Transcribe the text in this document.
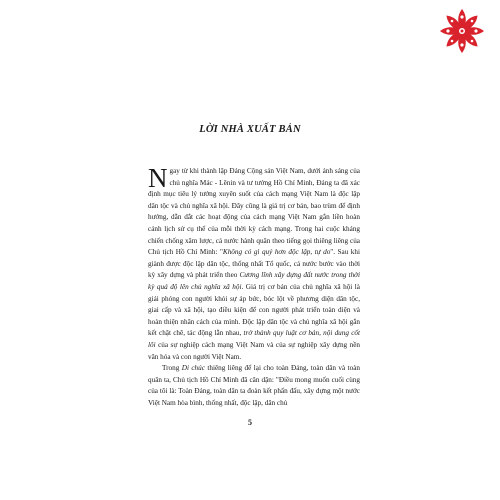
LỜI NHÀ XUẤT BẢN

Ngay từ khi thành lập Đảng Cộng sản Việt Nam, dưới ánh sáng của chủ nghĩa Mác - Lênin và tư tưởng Hồ Chí Minh, Đảng ta đã xác định mục tiêu lý tưởng xuyên suốt của cách mạng Việt Nam là độc lập dân tộc và chủ nghĩa xã hội. Đây cũng là giá trị cơ bản, bao trùm để định hướng, dẫn dắt các hoạt động của cách mạng Việt Nam gắn liền hoàn cảnh lịch sử cụ thể của mỗi thời kỳ cách mạng. Trong hai cuộc kháng chiến chống xâm lược, cả nước hành quân theo tiếng gọi thiêng liêng của Chủ tịch Hồ Chí Minh: "Không có gì quý hơn độc lập, tự do". Sau khi giành được độc lập dân tộc, thống nhất Tổ quốc, cả nước bước vào thời kỳ xây dựng và phát triển theo Cương lĩnh xây dựng đất nước trong thời kỳ quá độ lên chủ nghĩa xã hội. Giá trị cơ bản của chủ nghĩa xã hội là giải phóng con người khỏi sự áp bức, bóc lột về phương diện dân tộc, giai cấp và xã hội, tạo điều kiện để con người phát triển toàn diện và hoàn thiện nhân cách của mình. Độc lập dân tộc và chủ nghĩa xã hội gắn kết chặt chẽ, tác động lẫn nhau, trở thành quy luật cơ bản, nội dung cốt lõi của sự nghiệp cách mạng Việt Nam và của sự nghiệp xây dựng nền văn hóa và con người Việt Nam.

Trong Di chúc thiêng liêng để lại cho toàn Đảng, toàn dân và toàn quân ta, Chủ tịch Hồ Chí Minh đã căn dặn: "Điều mong muốn cuối cùng của tôi là: Toàn Đảng, toàn dân ta đoàn kết phấn đấu, xây dựng một nước Việt Nam hòa bình, thống nhất, độc lập, dân chủ

5
